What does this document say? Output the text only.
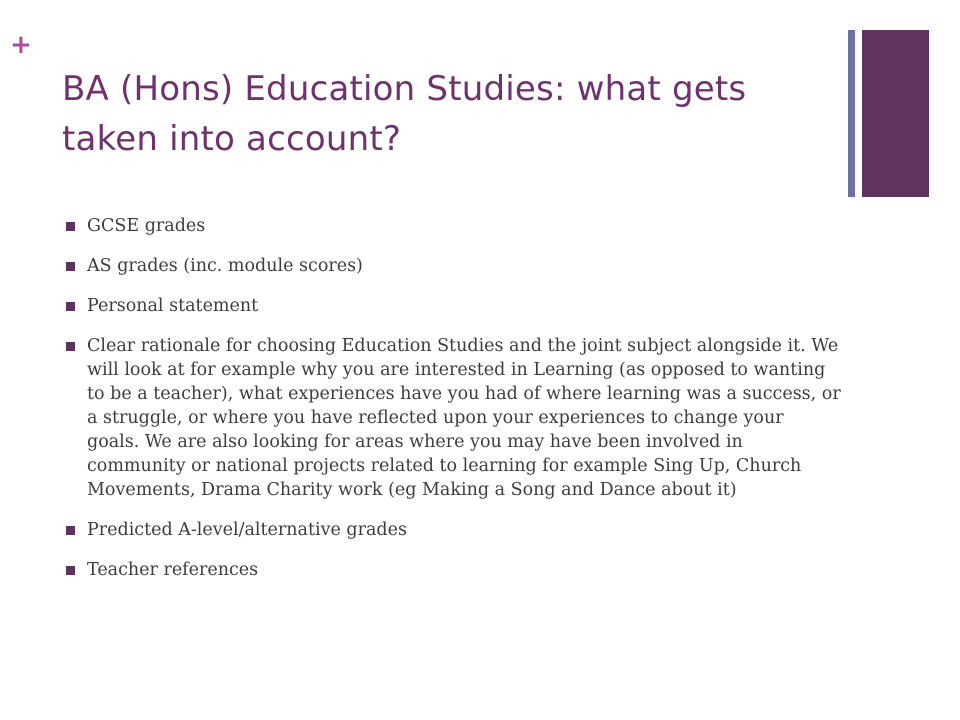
+
BA (Hons) Education Studies: what gets taken into account?
GCSE grades
AS grades (inc. module scores)
Personal statement
Clear rationale for choosing Education Studies and the joint subject alongside it. We will look at for example why you are interested in Learning (as opposed to wanting to be a teacher), what experiences have you had of where learning was a success, or a struggle, or where you have reflected upon your experiences to change your goals. We are also looking for areas where you may have been involved in community or national projects related to learning for example Sing Up, Church Movements, Drama Charity work (eg Making a Song and Dance about it)
Predicted A-level/alternative grades
Teacher references
